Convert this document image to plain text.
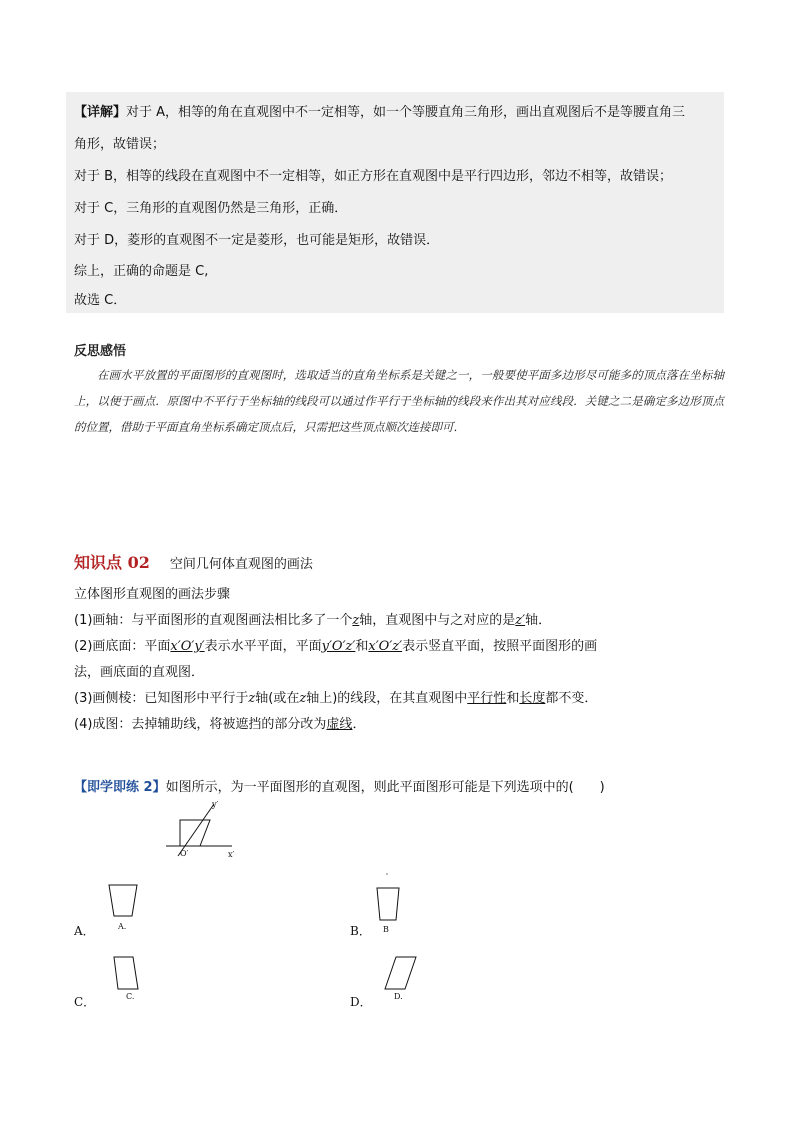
【详解】对于 A，相等的角在直观图中不一定相等，如一个等腰直角三角形，画出直观图后不是等腰直角三
角形，故错误；
对于 B，相等的线段在直观图中不一定相等，如正方形在直观图中是平行四边形，邻边不相等，故错误；
对于 C，三角形的直观图仍然是三角形，正确．
对于 D，菱形的直观图不一定是菱形，也可能是矩形，故错误．
综上，正确的命题是 C,
故选 C．
反思感悟
在画水平放置的平面图形的直观图时，选取适当的直角坐标系是关键之一，一般要使平面多边形尽可能多的顶点落在坐标轴上，以便于画点．原图中不平行于坐标轴的线段可以通过作平行于坐标轴的线段来作出其对应线段．关键之二是确定多边形顶点的位置，借助于平面直角坐标系确定顶点后，只需把这些顶点顺次连接即可．
知识点 02 空间几何体直观图的画法
立体图形直观图的画法步骤
(1)画轴：与平面图形的直观图画法相比多了一个z轴，直观图中与之对应的是z′轴．
(2)画底面：平面x′O′y′表示水平平面，平面y′O′z′和x′O′z′表示竖直平面，按照平面图形的画
法，画底面的直观图．
(3)画侧棱：已知图形中平行于z轴(或在z轴上)的线段，在其直观图中平行性和长度都不变．
(4)成图：去掉辅助线，将被遮挡的部分改为虚线．
【即学即练 2】如图所示，为一平面图形的直观图，则此平面图形可能是下列选项中的(　　)
y′
x′
O′
A.
A．	B
B．
C.
C．	D.
D．
